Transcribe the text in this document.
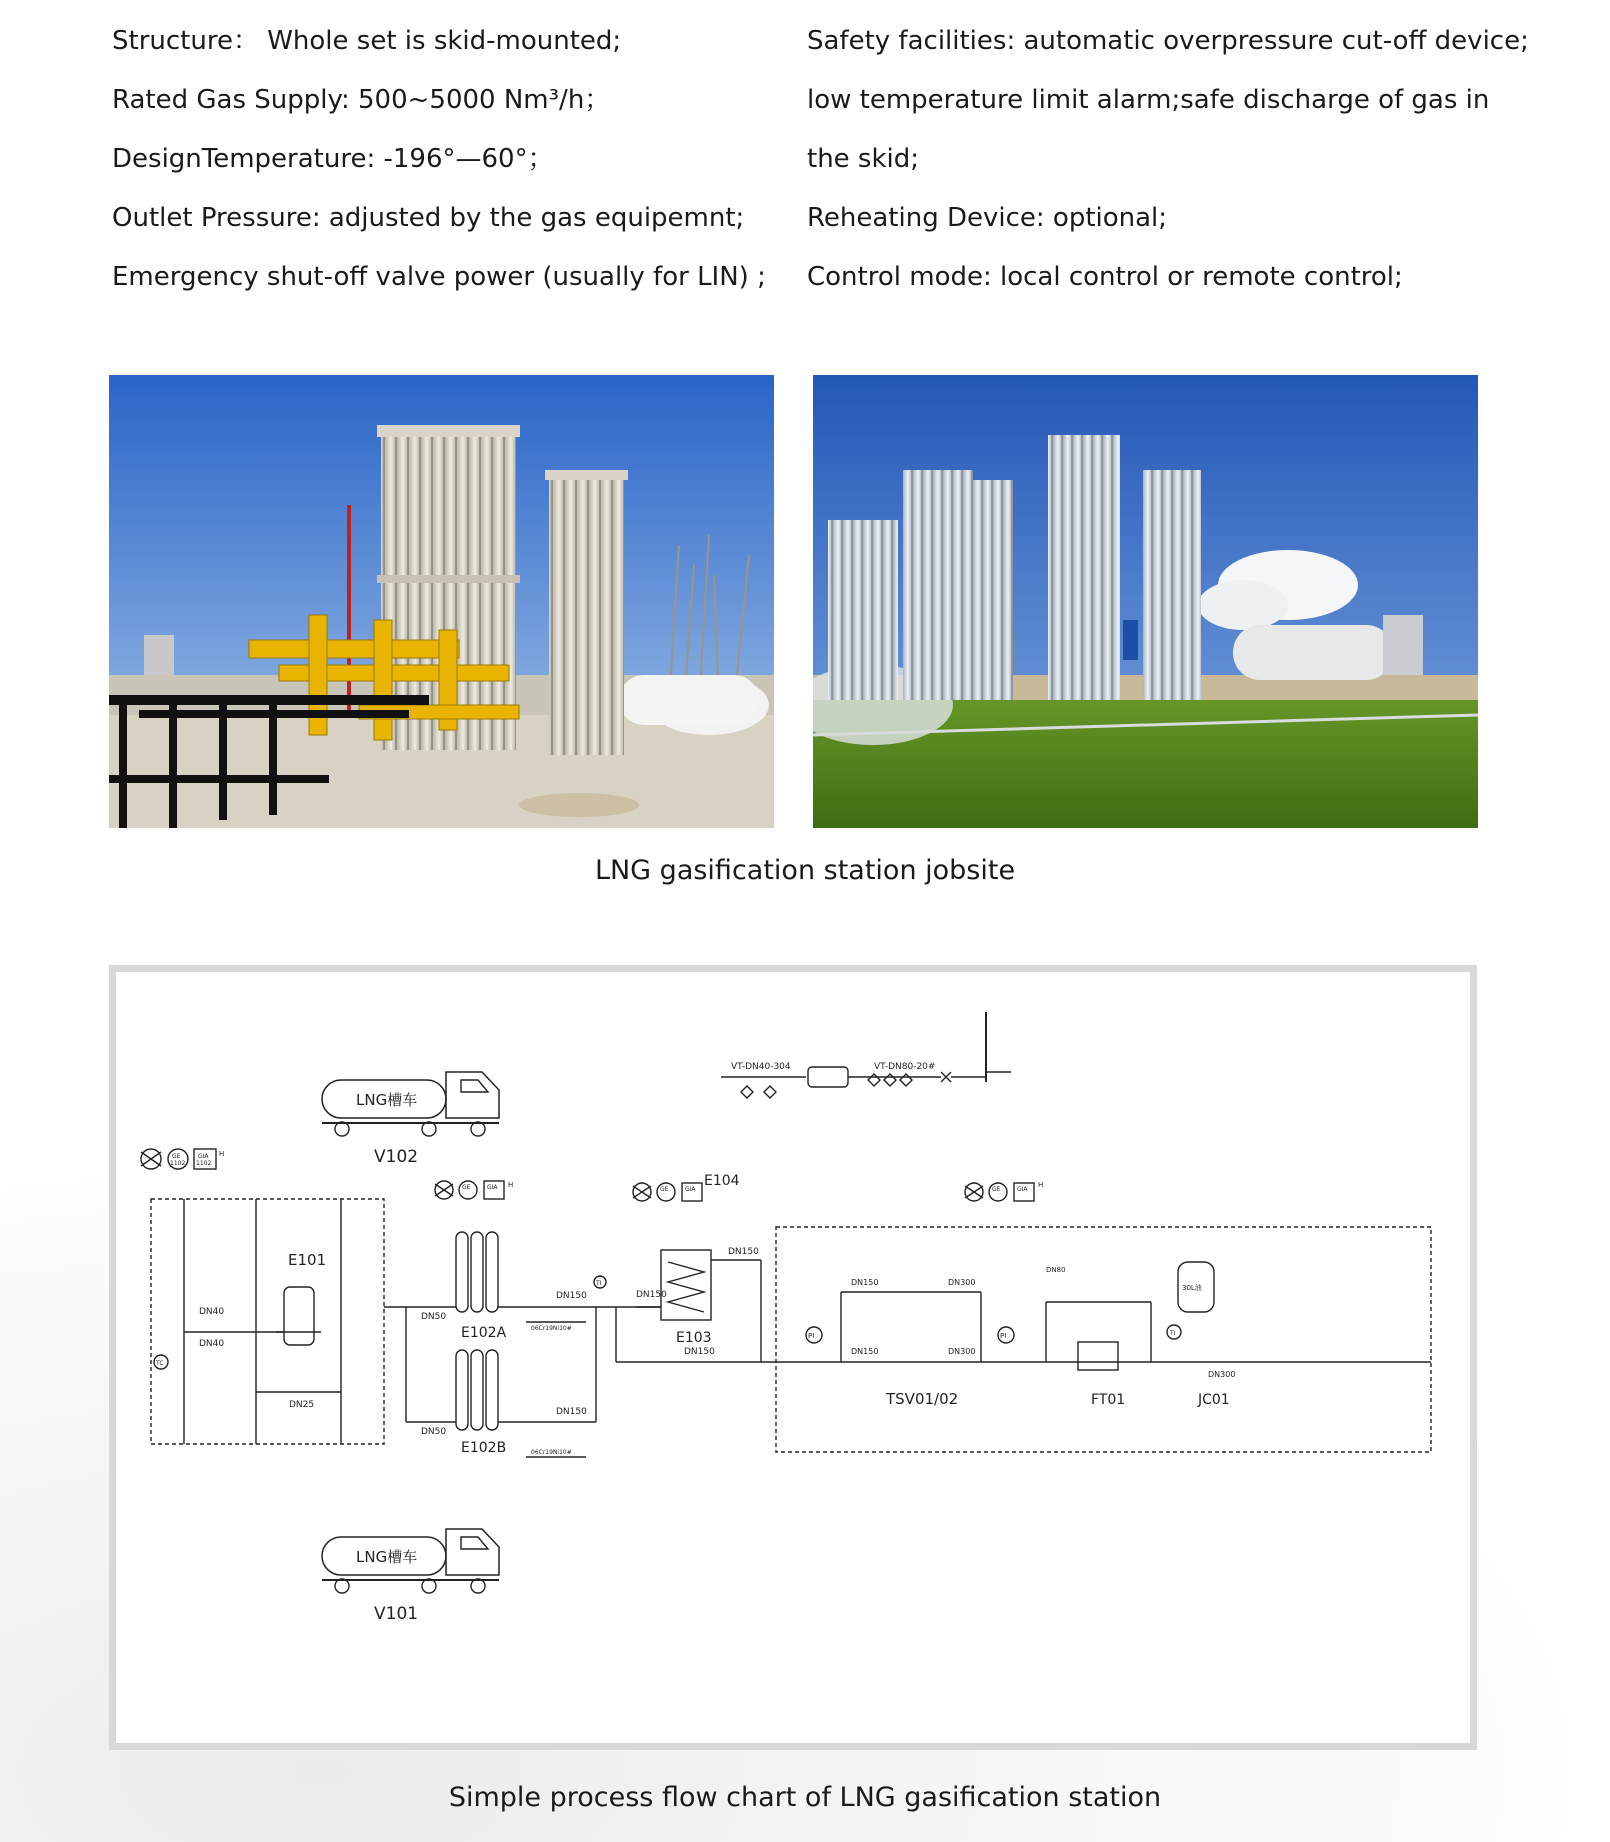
Structure： Whole set is skid-mounted;
Rated Gas Supply: 500~5000 Nm³/h；
DesignTemperature: -196°—60°；
Outlet Pressure: adjusted by the gas equipemnt;
Emergency shut-off valve power (usually for LIN) ;
Safety facilities: automatic overpressure cut-off device;
low temperature limit alarm;safe discharge of gas in
the skid;
Reheating Device: optional;
Control mode: local control or remote control;
LNG gasification station jobsite
LNG槽车
V102
LNG槽车
V101
GE
1102
GIA
1102
H
VT-DN40-304	VT-DN80-20#
E101
DN40
DN40
DN25
E102A
DN50
DN150
06Cr19Ni10#
E102B
DN50
DN150
06Cr19Ni10#
DN150
TI
GE	GIA H
GE	GIA
E104
DN150
E103
DN150
GE	GIA
H
DN150	DN300
DN150	DN300
PI	PI
TSV01/02	FT01
DN80
TI
30L油
DN300
JC01
TC
Simple process flow chart of LNG gasification station
